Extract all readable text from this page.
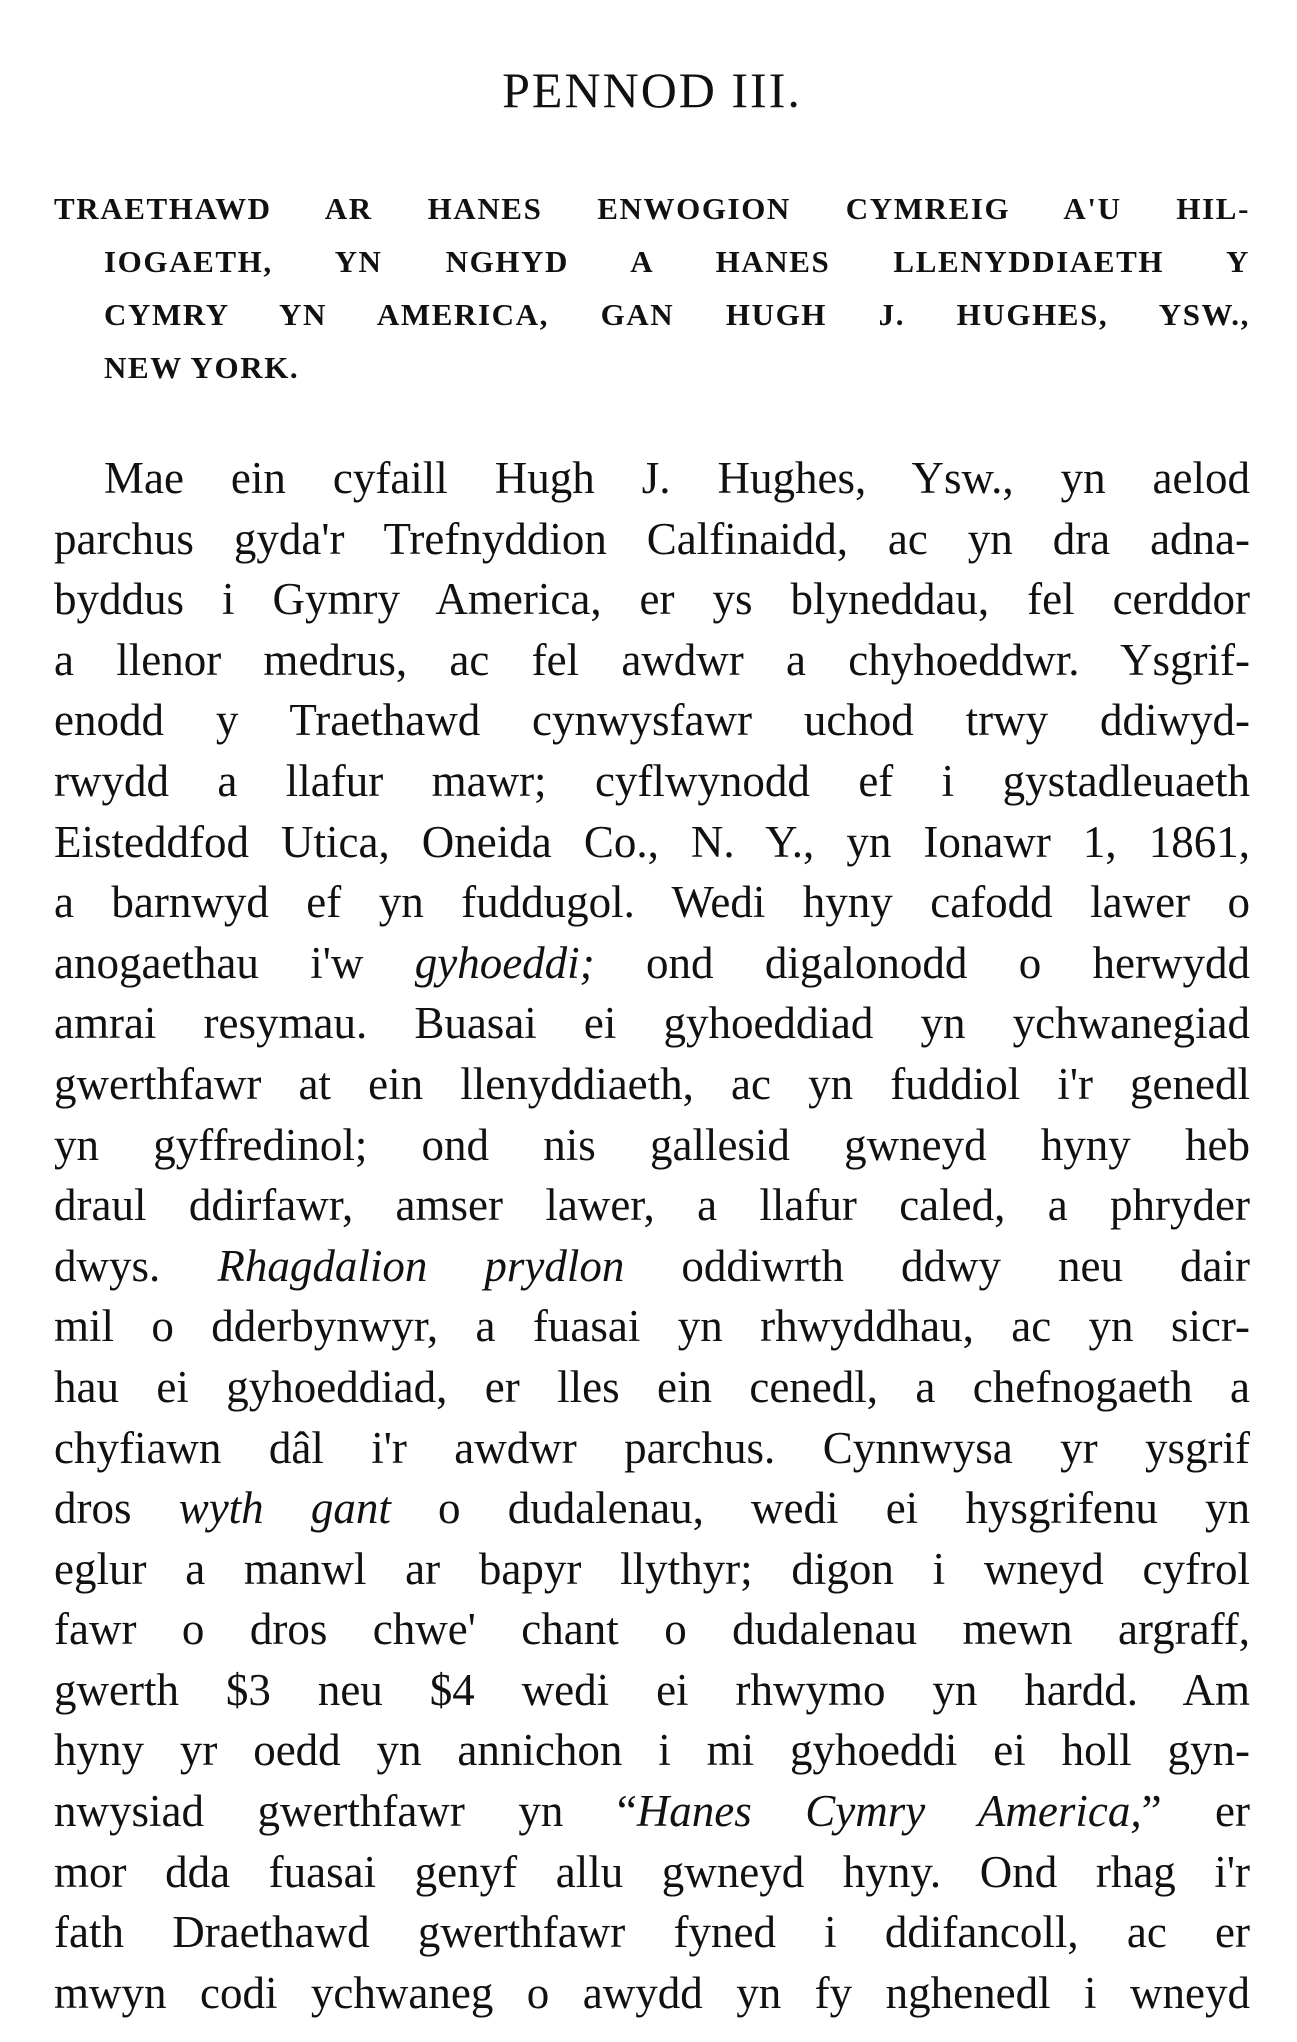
PENNOD III.
TRAETHAWD AR HANES ENWOGION CYMREIG A'U HIL-
IOGAETH, YN NGHYD A HANES LLENYDDIAETH Y
CYMRY YN AMERICA, GAN HUGH J. HUGHES, YSW.,
NEW YORK.
Mae ein cyfaill Hugh J. Hughes, Ysw., yn aelod
parchus gyda'r Trefnyddion Calfinaidd, ac yn dra adna-
byddus i Gymry America, er ys blyneddau, fel cerddor
a llenor medrus, ac fel awdwr a chyhoeddwr. Ysgrif-
enodd y Traethawd cynwysfawr uchod trwy ddiwyd-
rwydd a llafur mawr; cyflwynodd ef i gystadleuaeth
Eisteddfod Utica, Oneida Co., N. Y., yn Ionawr 1, 1861,
a barnwyd ef yn fuddugol. Wedi hyny cafodd lawer o
anogaethau i'w gyhoeddi; ond digalonodd o herwydd
amrai resymau. Buasai ei gyhoeddiad yn ychwanegiad
gwerthfawr at ein llenyddiaeth, ac yn fuddiol i'r genedl
yn gyffredinol; ond nis gallesid gwneyd hyny heb
draul ddirfawr, amser lawer, a llafur caled, a phryder
dwys. Rhagdalion prydlon oddiwrth ddwy neu dair
mil o dderbynwyr, a fuasai yn rhwyddhau, ac yn sicr-
hau ei gyhoeddiad, er lles ein cenedl, a chefnogaeth a
chyfiawn dâl i'r awdwr parchus. Cynnwysa yr ysgrif
dros wyth gant o dudalenau, wedi ei hysgrifenu yn
eglur a manwl ar bapyr llythyr; digon i wneyd cyfrol
fawr o dros chwe' chant o dudalenau mewn argraff,
gwerth $3 neu $4 wedi ei rhwymo yn hardd. Am
hyny yr oedd yn annichon i mi gyhoeddi ei holl gyn-
nwysiad gwerthfawr yn “Hanes Cymry America,” er
mor dda fuasai genyf allu gwneyd hyny. Ond rhag i'r
fath Draethawd gwerthfawr fyned i ddifancoll, ac er
mwyn codi ychwaneg o awydd yn fy nghenedl i wneyd
